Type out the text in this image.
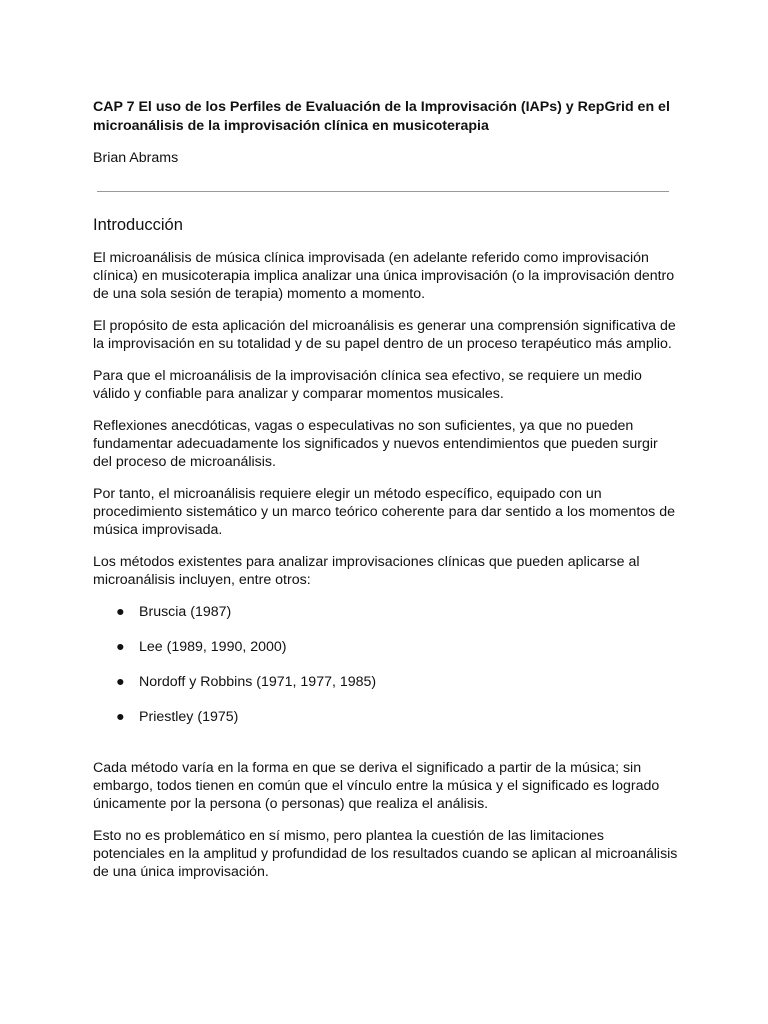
CAP 7 El uso de los Perfiles de Evaluación de la Improvisación (IAPs) y RepGrid en el microanálisis de la improvisación clínica en musicoterapia

Brian Abrams

Introducción

El microanálisis de música clínica improvisada (en adelante referido como improvisación clínica) en musicoterapia implica analizar una única improvisación (o la improvisación dentro de una sola sesión de terapia) momento a momento.

El propósito de esta aplicación del microanálisis es generar una comprensión significativa de la improvisación en su totalidad y de su papel dentro de un proceso terapéutico más amplio.

Para que el microanálisis de la improvisación clínica sea efectivo, se requiere un medio válido y confiable para analizar y comparar momentos musicales.

Reflexiones anecdóticas, vagas o especulativas no son suficientes, ya que no pueden fundamentar adecuadamente los significados y nuevos entendimientos que pueden surgir del proceso de microanálisis.

Por tanto, el microanálisis requiere elegir un método específico, equipado con un procedimiento sistemático y un marco teórico coherente para dar sentido a los momentos de música improvisada.

Los métodos existentes para analizar improvisaciones clínicas que pueden aplicarse al microanálisis incluyen, entre otros:

● Bruscia (1987)
● Lee (1989, 1990, 2000)
● Nordoff y Robbins (1971, 1977, 1985)
● Priestley (1975)

Cada método varía en la forma en que se deriva el significado a partir de la música; sin embargo, todos tienen en común que el vínculo entre la música y el significado es logrado únicamente por la persona (o personas) que realiza el análisis.

Esto no es problemático en sí mismo, pero plantea la cuestión de las limitaciones potenciales en la amplitud y profundidad de los resultados cuando se aplican al microanálisis de una única improvisación.
